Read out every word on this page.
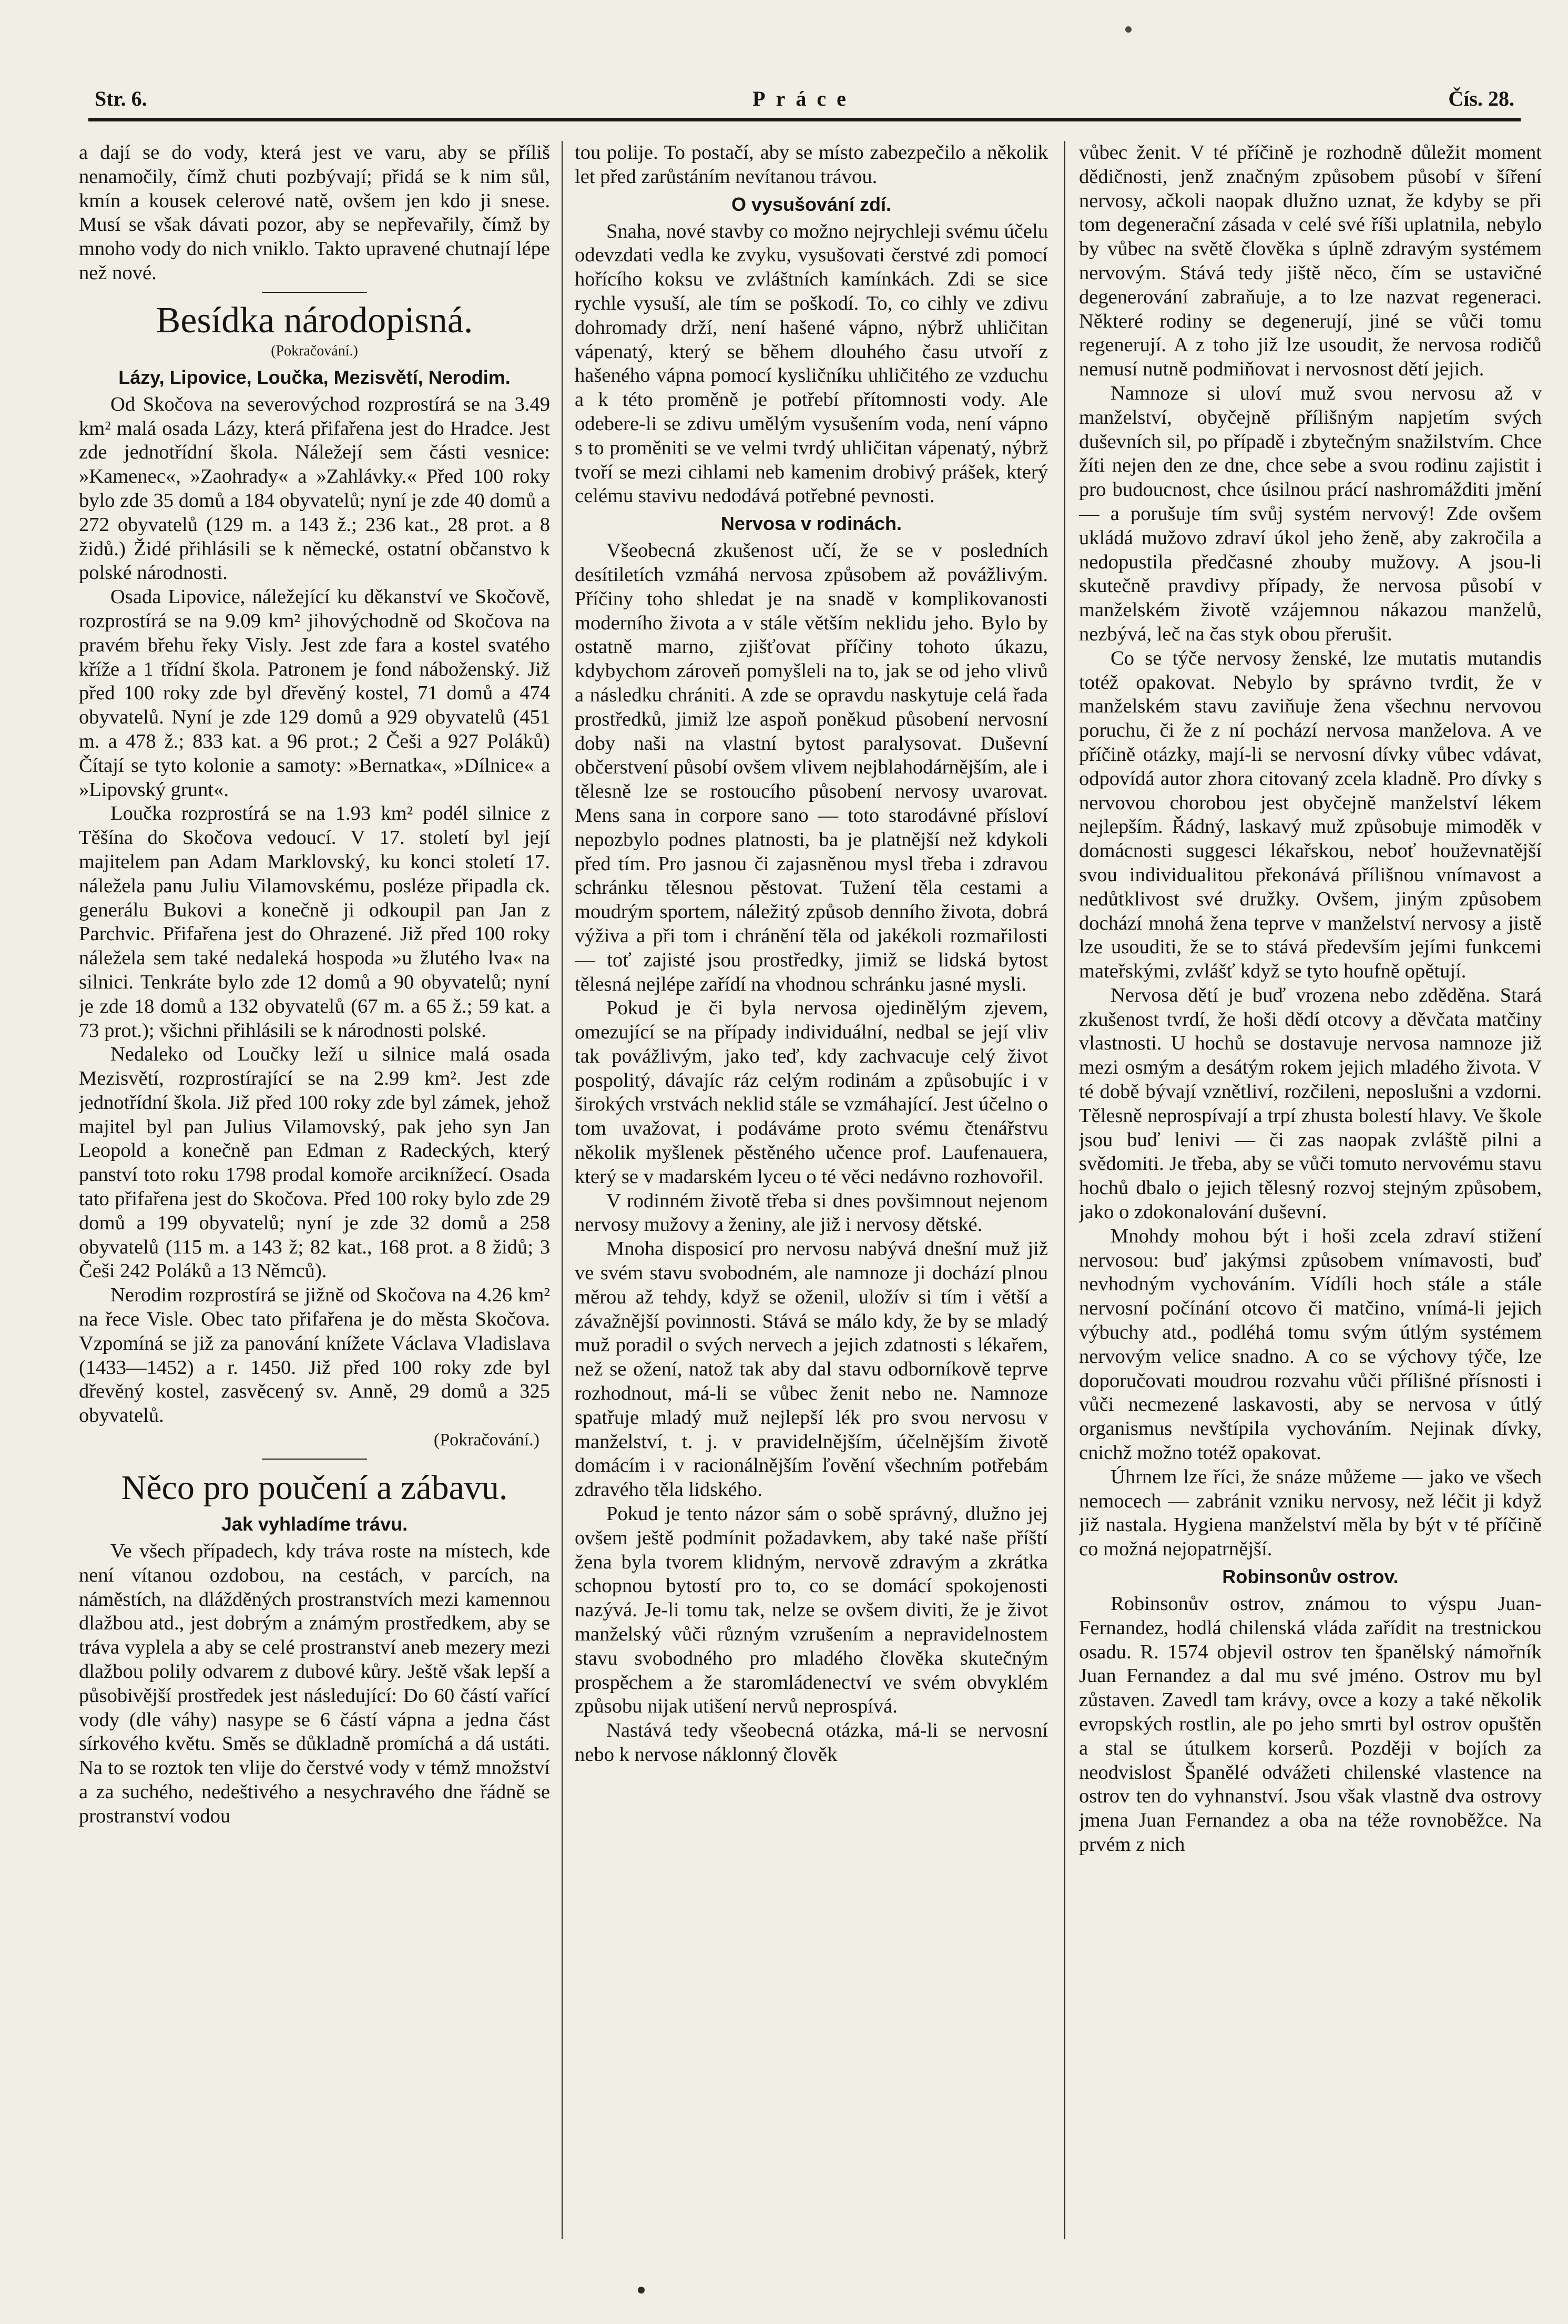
Str. 6.	Práce	Čís. 28.

a dají se do vody, která jest ve varu, aby se příliš nenamočily, čímž chuti pozbývají; přidá se k nim sůl, kmín a kousek celerové natě, ovšem jen kdo ji snese. Musí se však dávati pozor, aby se nepřevařily, čímž by mnoho vody do nich vniklo. Takto upravené chutnají lépe než nové.

Besídka národopisná.
(Pokračování.)
Lázy, Lipovice, Loučka, Mezisvětí, Nerodim.

Od Skočova na severovýchod rozprostírá se na 3.49 km² malá osada Lázy, která přifařena jest do Hradce. Jest zde jednotřídní škola. Náležejí sem části vesnice: »Kamenec«, »Zaohrady« a »Zahlávky.« Před 100 roky bylo zde 35 domů a 184 obyvatelů; nyní je zde 40 domů a 272 obyvatelů (129 m. a 143 ž.; 236 kat., 28 prot. a 8 židů.) Židé přihlásili se k německé, ostatní občanstvo k polské národnosti.

Osada Lipovice, náležející ku děkanství ve Skočově, rozprostírá se na 9.09 km² jihovýchodně od Skočova na pravém břehu řeky Visly. Jest zde fara a kostel svatého kříže a 1 třídní škola. Patronem je fond náboženský. Již před 100 roky zde byl dřevěný kostel, 71 domů a 474 obyvatelů. Nyní je zde 129 domů a 929 obyvatelů (451 m. a 478 ž.; 833 kat. a 96 prot.; 2 Češi a 927 Poláků) Čítají se tyto kolonie a samoty: »Bernatka«, »Dílnice« a »Lipovský grunt«.

Loučka rozprostírá se na 1.93 km² podél silnice z Těšína do Skočova vedoucí. V 17. století byl její majitelem pan Adam Marklovský, ku konci století 17. náležela panu Juliu Vilamovskému, posléze připadla ck. generálu Bukovi a konečně ji odkoupil pan Jan z Parchvic. Přifařena jest do Ohrazené. Již před 100 roky náležela sem také nedaleká hospoda »u žlutého lva« na silnici. Tenkráte bylo zde 12 domů a 90 obyvatelů; nyní je zde 18 domů a 132 obyvatelů (67 m. a 65 ž.; 59 kat. a 73 prot.); všichni přihlásili se k národnosti polské.

Nedaleko od Loučky leží u silnice malá osada Mezisvětí, rozprostírající se na 2.99 km². Jest zde jednotřídní škola. Již před 100 roky zde byl zámek, jehož majitel byl pan Julius Vilamovský, pak jeho syn Jan Leopold a konečně pan Edman z Radeckých, který panství toto roku 1798 prodal komoře arciknížecí. Osada tato přifařena jest do Skočova. Před 100 roky bylo zde 29 domů a 199 obyvatelů; nyní je zde 32 domů a 258 obyvatelů (115 m. a 143 ž; 82 kat., 168 prot. a 8 židů; 3 Češi 242 Poláků a 13 Němců).

Nerodim rozprostírá se jižně od Skočova na 4.26 km² na řece Visle. Obec tato přifařena je do města Skočova. Vzpomíná se již za panování knížete Václava Vladislava (1433—1452) a r. 1450. Již před 100 roky zde byl dřevěný kostel, zasvěcený sv. Anně, 29 domů a 325 obyvatelů.

(Pokračování.)
Něco pro poučení a zábavu.
Jak vyhladíme trávu.

Ve všech případech, kdy tráva roste na místech, kde není vítanou ozdobou, na cestách, v parcích, na náměstích, na dlážděných prostranstvích mezi kamennou dlažbou atd., jest dobrým a známým prostředkem, aby se tráva vyplela a aby se celé prostranství aneb mezery mezi dlažbou polily odvarem z dubové kůry. Ještě však lepší a působivější prostředek jest následující: Do 60 částí vařící vody (dle váhy) nasype se 6 částí vápna a jedna část sírkového květu. Směs se důkladně promíchá a dá ustáti. Na to se roztok ten vlije do čerstvé vody v témž množství a za suchého, nedeštivého a nesychravého dne řádně se prostranství vodou

tou polije. To postačí, aby se místo zabezpečilo a několik let před zarůstáním nevítanou trávou.

O vysušování zdí.

Snaha, nové stavby co možno nejrychleji svému účelu odevzdati vedla ke zvyku, vysušovati čerstvé zdi pomocí hořícího koksu ve zvláštních kamínkách. Zdi se sice rychle vysuší, ale tím se poškodí. To, co cihly ve zdivu dohromady drží, není hašené vápno, nýbrž uhličitan vápenatý, který se během dlouhého času utvoří z hašeného vápna pomocí kysličníku uhličitého ze vzduchu a k této proměně je potřebí přítomnosti vody. Ale odebere-li se zdivu umělým vysušením voda, není vápno s to proměniti se ve velmi tvrdý uhličitan vápenatý, nýbrž tvoří se mezi cihlami neb kamenim drobivý prášek, který celému stavivu nedodává potřebné pevnosti.

Nervosa v rodinách.

Všeobecná zkušenost učí, že se v posledních desítiletích vzmáhá nervosa způsobem až povážlivým. Příčiny toho shledat je na snadě v komplikovanosti moderního života a v stále větším neklidu jeho. Bylo by ostatně marno, zjišťovat příčiny tohoto úkazu, kdybychom zároveň pomyšleli na to, jak se od jeho vlivů a následku chrániti. A zde se opravdu naskytuje celá řada prostředků, jimiž lze aspoň poněkud působení nervosní doby naši na vlastní bytost paralysovat. Duševní občerstvení působí ovšem vlivem nejblahodárnějším, ale i tělesně lze se rostoucího působení nervosy uvarovat. Mens sana in corpore sano — toto starodávné přísloví nepozbylo podnes platnosti, ba je platnější než kdykoli před tím. Pro jasnou či zajasněnou mysl třeba i zdravou schránku tělesnou pěstovat. Tužení těla cestami a moudrým sportem, náležitý způsob denního života, dobrá výživa a při tom i chránění těla od jakékoli rozmařilosti — toť zajisté jsou prostředky, jimiž se lidská bytost tělesná nejlépe zařídí na vhodnou schránku jasné mysli.

Pokud je či byla nervosa ojedinělým zjevem, omezující se na případy individuální, nedbal se její vliv tak povážlivým, jako teď, kdy zachvacuje celý život pospolitý, dávajíc ráz celým rodinám a způsobujíc i v širokých vrstvách neklid stále se vzmáhající. Jest účelno o tom uvažovat, i podáváme proto svému čtenářstvu několik myšlenek pěstěného učence prof. Laufenauera, který se v madarském lyceu o té věci nedávno rozhovořil.

V rodinném životě třeba si dnes povšimnout nejenom nervosy mužovy a ženiny, ale již i nervosy dětské.

Mnoha disposicí pro nervosu nabývá dnešní muž již ve svém stavu svobodném, ale namnoze ji dochází plnou měrou až tehdy, když se oženil, uložív si tím i větší a závažnější povinnosti. Stává se málo kdy, že by se mladý muž poradil o svých nervech a jejich zdatnosti s lékařem, než se ožení, natož tak aby dal stavu odborníkově teprve rozhodnout, má-li se vůbec ženit nebo ne. Namnoze spatřuje mladý muž nejlepší lék pro svou nervosu v manželství, t. j. v pravidelnějším, účelnějším životě domácím i v racionálnějším ľovění všechním potřebám zdravého těla lidského.

Pokud je tento názor sám o sobě správný, dlužno jej ovšem ještě podmínit požadavkem, aby také naše příští žena byla tvorem klidným, nervově zdravým a zkrátka schopnou bytostí pro to, co se domácí spokojenosti nazývá. Je-li tomu tak, nelze se ovšem diviti, že je život manželský vůči různým vzrušením a nepravidelnostem stavu svobodného pro mladého člověka skutečným prospěchem a že staromládenectví ve svém obvyklém způsobu nijak utišení nervů neprospívá.

Nastává tedy všeobecná otázka, má-li se nervosní nebo k nervose náklonný člověk

vůbec ženit. V té příčině je rozhodně důležit moment dědičnosti, jenž značným způsobem působí v šíření nervosy, ačkoli naopak dlužno uznat, že kdyby se při tom degenerační zásada v celé své říši uplatnila, nebylo by vůbec na světě člověka s úplně zdravým systémem nervovým. Stává tedy jiště něco, čím se ustavičné degenerování zabraňuje, a to lze nazvat regeneraci. Některé rodiny se degenerují, jiné se vůči tomu regenerují. A z toho již lze usoudit, že nervosa rodičů nemusí nutně podmiňovat i nervosnost dětí jejich.

Namnoze si uloví muž svou nervosu až v manželství, obyčejně přílišným napjetím svých duševních sil, po případě i zbytečným snažilstvím. Chce žíti nejen den ze dne, chce sebe a svou rodinu zajistit i pro budoucnost, chce úsilnou prácí nashromážditi jmění — a porušuje tím svůj systém nervový! Zde ovšem ukládá mužovo zdraví úkol jeho ženě, aby zakročila a nedopustila předčasné zhouby mužovy. A jsou-li skutečně pravdivy případy, že nervosa působí v manželském životě vzájemnou nákazou manželů, nezbývá, leč na čas styk obou přerušit.

Co se týče nervosy ženské, lze mutatis mutandis totéž opakovat. Nebylo by správno tvrdit, že v manželském stavu zaviňuje žena všechnu nervovou poruchu, či že z ní pochází nervosa manželova. A ve příčině otázky, mají-li se nervosní dívky vůbec vdávat, odpovídá autor zhora citovaný zcela kladně. Pro dívky s nervovou chorobou jest obyčejně manželství lékem nejlepším. Řádný, laskavý muž způsobuje mimoděk v domácnosti suggesci lékařskou, neboť houževnatější svou individualitou překonává přílišnou vnímavost a nedůtklivost své družky. Ovšem, jiným způsobem dochází mnohá žena teprve v manželství nervosy a jistě lze usouditi, že se to stává především jejími funkcemi mateřskými, zvlášť když se tyto houfně opětují.

Nervosa dětí je buď vrozena nebo zděděna. Stará zkušenost tvrdí, že hoši dědí otcovy a děvčata matčiny vlastnosti. U hochů se dostavuje nervosa namnoze již mezi osmým a desátým rokem jejich mladého života. V té době bývají vznětliví, rozčileni, neposlušni a vzdorni. Tělesně neprospívají a trpí zhusta bolestí hlavy. Ve škole jsou buď lenivi — či zas naopak zvláště pilni a svědomiti. Je třeba, aby se vůči tomuto nervovému stavu hochů dbalo o jejich tělesný rozvoj stejným způsobem, jako o zdokonalování duševní.

Mnohdy mohou být i hoši zcela zdraví stižení nervosou: buď jakýmsi způsobem vnímavosti, buď nevhodným vychováním. Vídíli hoch stále a stále nervosní počínání otcovo či matčino, vnímá-li jejich výbuchy atd., podléhá tomu svým útlým systémem nervovým velice snadno. A co se výchovy týče, lze doporučovati moudrou rozvahu vůči přílišné přísnosti i vůči necmezené laskavosti, aby se nervosa v útlý organismus nevštípila vychováním. Nejinak dívky, cnichž možno totéž opakovat.

Úhrnem lze říci, že snáze můžeme — jako ve všech nemocech — zabránit vzniku nervosy, než léčit ji když již nastala. Hygiena manželství měla by být v té příčině co možná nejopatrnější.

Robinsonův ostrov.

Robinsonův ostrov, známou to výspu Juan-Fernandez, hodlá chilenská vláda zařídit na trestnickou osadu. R. 1574 objevil ostrov ten španělský námořník Juan Fernandez a dal mu své jméno. Ostrov mu byl zůstaven. Zavedl tam krávy, ovce a kozy a také několik evropských rostlin, ale po jeho smrti byl ostrov opuštěn a stal se útulkem korserů. Později v bojích za neodvislost Španělé odvážeti chilenské vlastence na ostrov ten do vyhnanství. Jsou však vlastně dva ostrovy jmena Juan Fernandez a oba na téže rovnoběžce. Na prvém z nich
